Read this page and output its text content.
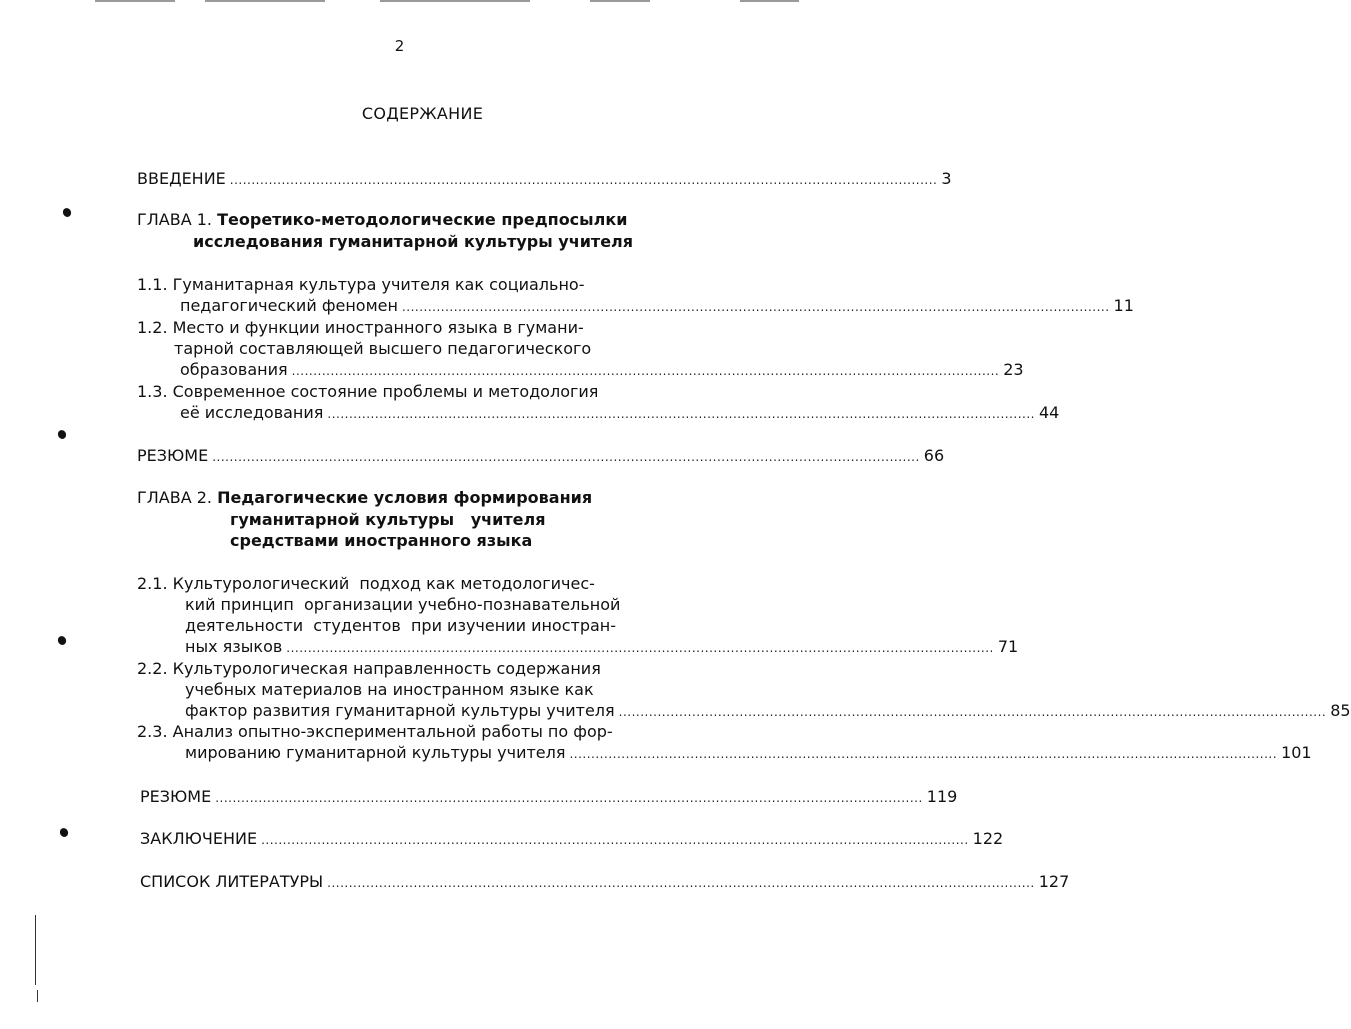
2
СОДЕРЖАНИЕ
ВВЕДЕНИЕ .................................................................................................................................................................... 3
ГЛАВА 1. Теоретико-методологические предпосылки
исследования гуманитарной культуры учителя
1.1. Гуманитарная культура учителя как социально-
педагогический феномен .................................................................................................................................................................... 11
1.2. Место и функции иностранного языка в гумани-
тарной составляющей высшего педагогического
образования .................................................................................................................................................................... 23
1.3. Современное состояние проблемы и методология
её исследования .................................................................................................................................................................... 44
РЕЗЮМЕ .................................................................................................................................................................... 66
ГЛАВА 2. Педагогические условия формирования
гуманитарной культуры   учителя
средствами иностранного языка
2.1. Культурологический  подход как методологичес-
кий принцип  организации учебно-познавательной
деятельности  студентов  при изучении иностран-
ных языков .................................................................................................................................................................... 71
2.2. Культурологическая направленность содержания
учебных материалов на иностранном языке как
фактор развития гуманитарной культуры учителя .................................................................................................................................................................... 85
2.3. Анализ опытно-экспериментальной работы по фор-
мированию гуманитарной культуры учителя .................................................................................................................................................................... 101
РЕЗЮМЕ .................................................................................................................................................................... 119
ЗАКЛЮЧЕНИЕ .................................................................................................................................................................... 122
СПИСОК ЛИТЕРАТУРЫ .................................................................................................................................................................... 127
